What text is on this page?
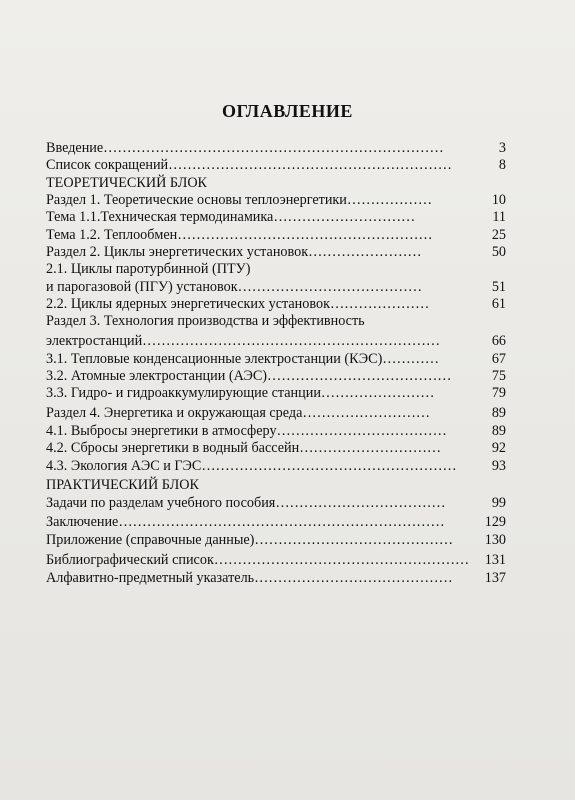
ОГЛАВЛЕНИЕ
Введение………………………………………………………………	3
Список сокращений……………………………………………………	8
ТЕОРЕТИЧЕСКИЙ БЛОК
Раздел 1. Теоретические основы теплоэнергетики………………	10
Тема 1.1.Техническая термодинамика…………………………	11
Тема 1.2. Теплообмен………………………………………………	25
Раздел 2. Циклы энергетических установок……………………	50
2.1. Циклы паротурбинной (ПТУ)
и парогазовой (ПГУ) установок…………………………………	51
2.2. Циклы ядерных энергетических установок…………………	61
Раздел 3. Технология производства и эффективность
электростанций………………………………………………………	66
3.1. Тепловые конденсационные электростанции (КЭС)…………	67
3.2. Атомные электростанции (АЭС)…………………………………	75
3.3. Гидро- и гидроаккумулирующие станции……………………	79
Раздел 4. Энергетика и окружающая среда………………………	89
4.1. Выбросы энергетики в атмосферу………………………………	89
4.2. Сбросы энергетики в водный бассейн…………………………	92
4.3. Экология АЭС и ГЭС……………………………………………… 93
ПРАКТИЧЕСКИЙ БЛОК
Задачи по разделам учебного пособия………………………………	99
Заключение……………………………………………………………	129
Приложение (справочные данные)…………………………………… 130
Библиографический список……………………………………………… 131
Алфавитно-предметный указатель…………………………………… 137
